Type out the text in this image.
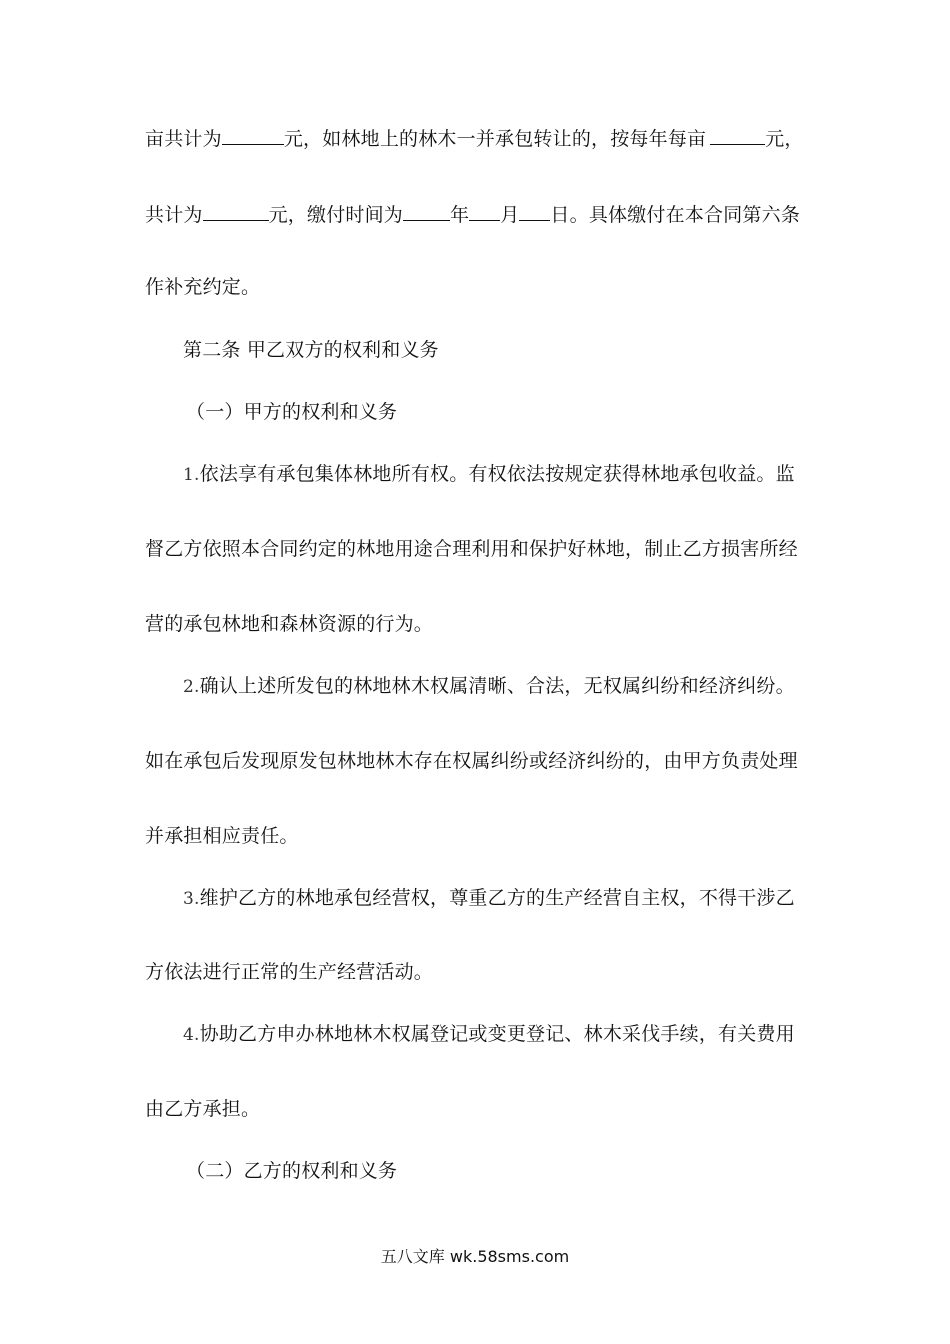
亩共计为	元，如林地上的林木一并承包转让的，按每年每亩	元，
共计为	元，缴付时间为 年 月 日。具体缴付在本合同第六条
作补充约定。
第二条 甲乙双方的权利和义务
（一）甲方的权利和义务
1.依法享有承包集体林地所有权。有权依法按规定获得林地承包收益。监
督乙方依照本合同约定的林地用途合理利用和保护好林地，制止乙方损害所经
营的承包林地和森林资源的行为。
2.确认上述所发包的林地林木权属清晰、合法，无权属纠纷和经济纠纷。
如在承包后发现原发包林地林木存在权属纠纷或经济纠纷的，由甲方负责处理
并承担相应责任。
3.维护乙方的林地承包经营权，尊重乙方的生产经营自主权，不得干涉乙
方依法进行正常的生产经营活动。
4.协助乙方申办林地林木权属登记或变更登记、林木采伐手续，有关费用
由乙方承担。
（二）乙方的权利和义务
五八文库 wk.58sms.com
